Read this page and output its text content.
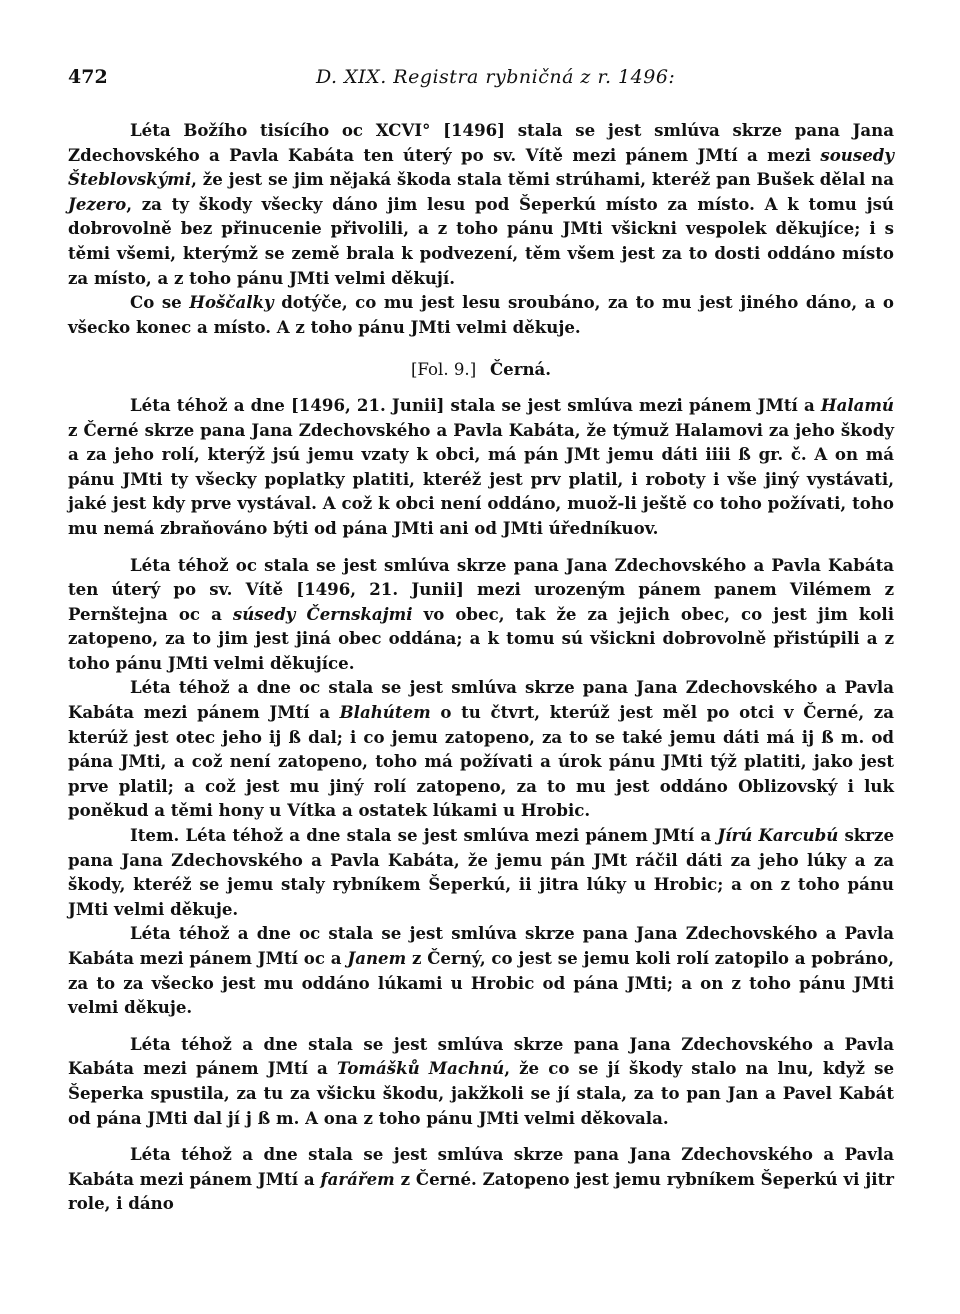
472	D. XIX. Registra rybničná z r. 1496:

Léta Božího tisícího oc XCVI° [1496] stala se jest smlúva skrze pana Jana Zdechovského a Pavla Kabáta ten úterý po sv. Vítě mezi pánem JMtí a mezi sousedy Šteblovskými, že jest se jim nějaká škoda stala těmi strúhami, kteréž pan Bušek dělal na Jezero, za ty škody všecky dáno jim lesu pod Šeperkú místo za místo. A k tomu jsú dobrovolně bez přinucenie přivolili, a z toho pánu JMti všickni vespolek děkujíce; i s těmi všemi, kterýmž se země brala k podvezení, těm všem jest za to dosti oddáno místo za místo, a z toho pánu JMti velmi děkují.

Co se Hoščalky dotýče, co mu jest lesu sroubáno, za to mu jest jiného dáno, a o všecko konec a místo. A z toho pánu JMti velmi děkuje.

[Fol. 9.] Černá.

Léta téhož a dne [1496, 21. Junii] stala se jest smlúva mezi pánem JMtí a Halamú z Černé skrze pana Jana Zdechovského a Pavla Kabáta, že týmuž Halamovi za jeho škody a za jeho rolí, kterýž jsú jemu vzaty k obci, má pán JMt jemu dáti iiii ß gr. č. A on má pánu JMti ty všecky poplatky platiti, kteréž jest prv platil, i roboty i vše jiný vystávati, jaké jest kdy prve vystával. A což k obci není oddáno, muož-li ještě co toho požívati, toho mu nemá zbraňováno býti od pána JMti ani od JMti úředníkuov.

Léta téhož oc stala se jest smlúva skrze pana Jana Zdechovského a Pavla Kabáta ten úterý po sv. Vítě [1496, 21. Junii] mezi urozeným pánem panem Vilémem z Pernštejna oc a súsedy Černskajmi vo obec, tak že za jejich obec, co jest jim koli zatopeno, za to jim jest jiná obec oddána; a k tomu sú všickni dobrovolně přistúpili a z toho pánu JMti velmi děkujíce.

Léta téhož a dne oc stala se jest smlúva skrze pana Jana Zdechovského a Pavla Kabáta mezi pánem JMtí a Blahútem o tu čtvrt, kterúž jest měl po otci v Černé, za kterúž jest otec jeho ij ß dal; i co jemu zatopeno, za to se také jemu dáti má ij ß m. od pána JMti, a což není zatopeno, toho má požívati a úrok pánu JMti týž platiti, jako jest prve platil; a což jest mu jiný rolí zatopeno, za to mu jest oddáno Oblizovský i luk poněkud a těmi hony u Vítka a ostatek lúkami u Hrobic.

Item. Léta téhož a dne stala se jest smlúva mezi pánem JMtí a Jírú Karcubú skrze pana Jana Zdechovského a Pavla Kabáta, že jemu pán JMt ráčil dáti za jeho lúky a za škody, kteréž se jemu staly rybníkem Šeperkú, ii jitra lúky u Hrobic; a on z toho pánu JMti velmi děkuje.

Léta téhož a dne oc stala se jest smlúva skrze pana Jana Zdechovského a Pavla Kabáta mezi pánem JMtí oc a Janem z Černý, co jest se jemu koli rolí zatopilo a pobráno, za to za všecko jest mu oddáno lúkami u Hrobic od pána JMti; a on z toho pánu JMti velmi děkuje.

Léta téhož a dne stala se jest smlúva skrze pana Jana Zdechovského a Pavla Kabáta mezi pánem JMtí a Tomášků Machnú, že co se jí škody stalo na lnu, když se Šeperka spustila, za tu za všicku škodu, jakžkoli se jí stala, za to pan Jan a Pavel Kabát od pána JMti dal jí j ß m. A ona z toho pánu JMti velmi děkovala.

Léta téhož a dne stala se jest smlúva skrze pana Jana Zdechovského a Pavla Kabáta mezi pánem JMtí a farářem z Černé. Zatopeno jest jemu rybníkem Šeperkú vi jitr role, i dáno
